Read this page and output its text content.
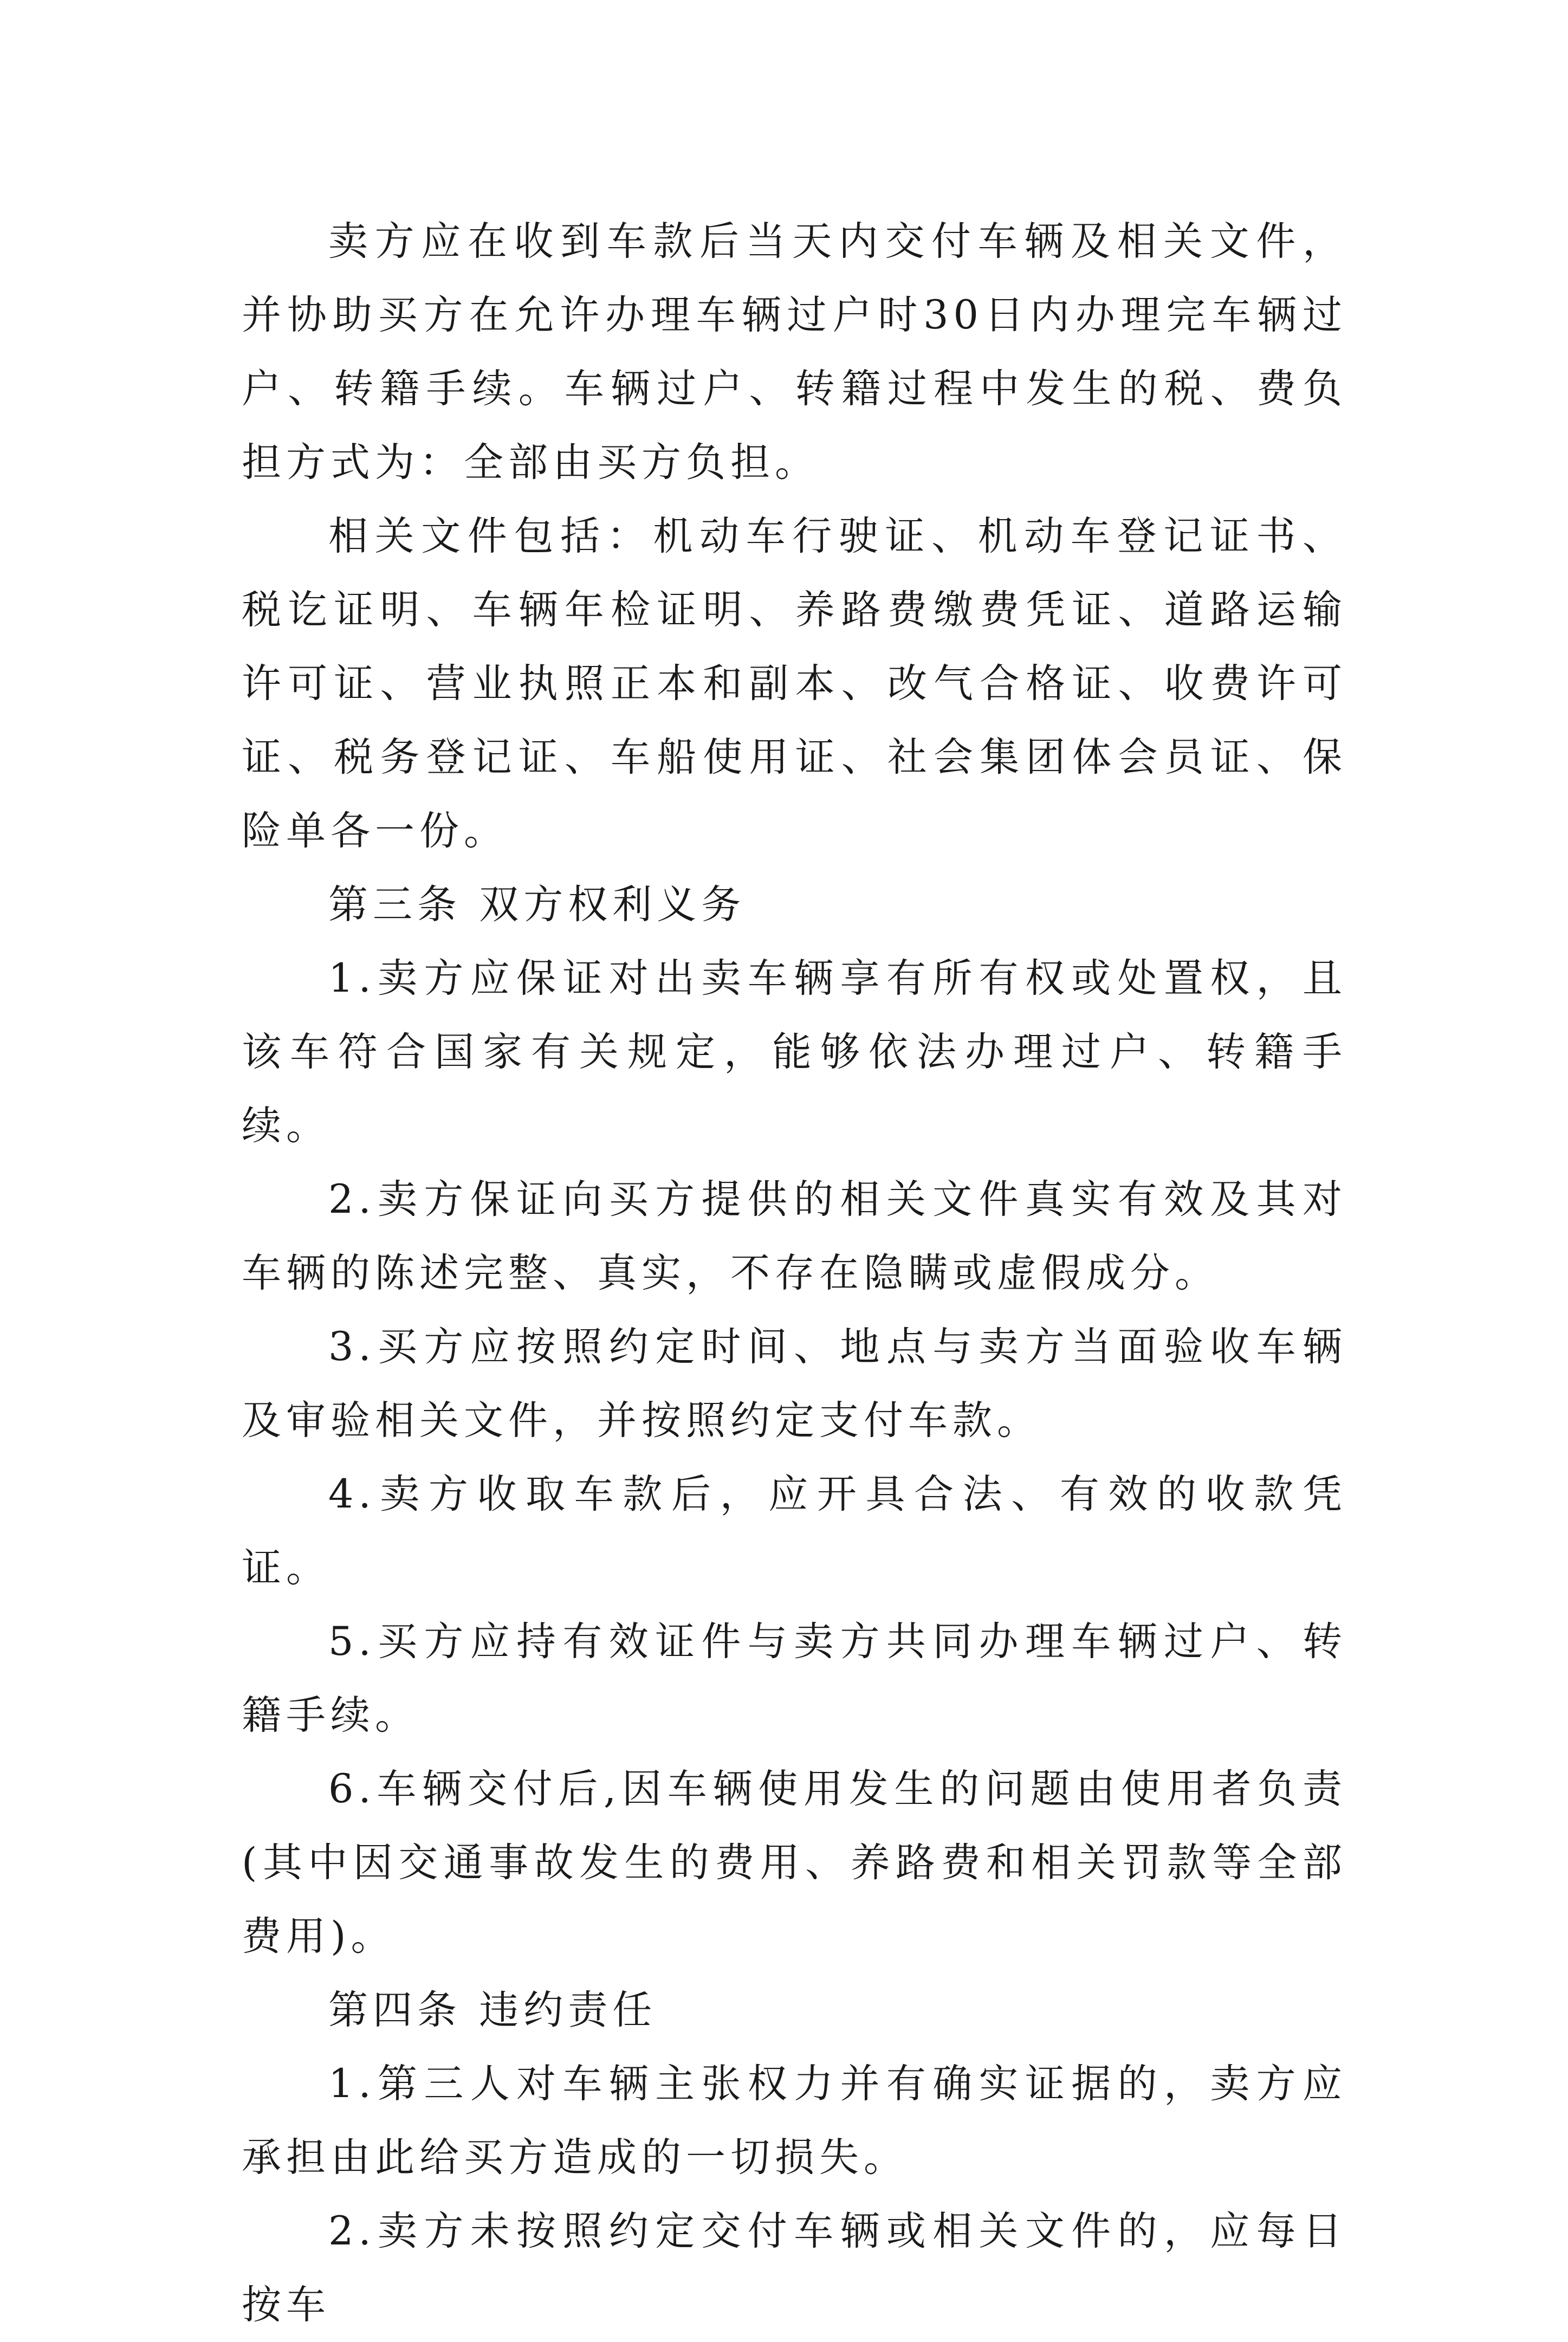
卖方应在收到车款后当天内交付车辆及相关文件，并协助买方在允许办理车辆过户时30日内办理完车辆过户、转籍手续。车辆过户、转籍过程中发生的税、费负担方式为：全部由买方负担。

相关文件包括：机动车行驶证、机动车登记证书、税讫证明、车辆年检证明、养路费缴费凭证、道路运输许可证、营业执照正本和副本、改气合格证、收费许可证、税务登记证、车船使用证、社会集团体会员证、保险单各一份。

第三条 双方权利义务

1.卖方应保证对出卖车辆享有所有权或处置权，且该车符合国家有关规定，能够依法办理过户、转籍手续。

2.卖方保证向买方提供的相关文件真实有效及其对车辆的陈述完整、真实，不存在隐瞒或虚假成分。

3.买方应按照约定时间、地点与卖方当面验收车辆及审验相关文件，并按照约定支付车款。

4.卖方收取车款后，应开具合法、有效的收款凭证。

5.买方应持有效证件与卖方共同办理车辆过户、转籍手续。

6.车辆交付后,因车辆使用发生的问题由使用者负责(其中因交通事故发生的费用、养路费和相关罚款等全部费用)。

第四条 违约责任

1.第三人对车辆主张权力并有确实证据的，卖方应承担由此给买方造成的一切损失。

2.卖方未按照约定交付车辆或相关文件的，应每日按车
